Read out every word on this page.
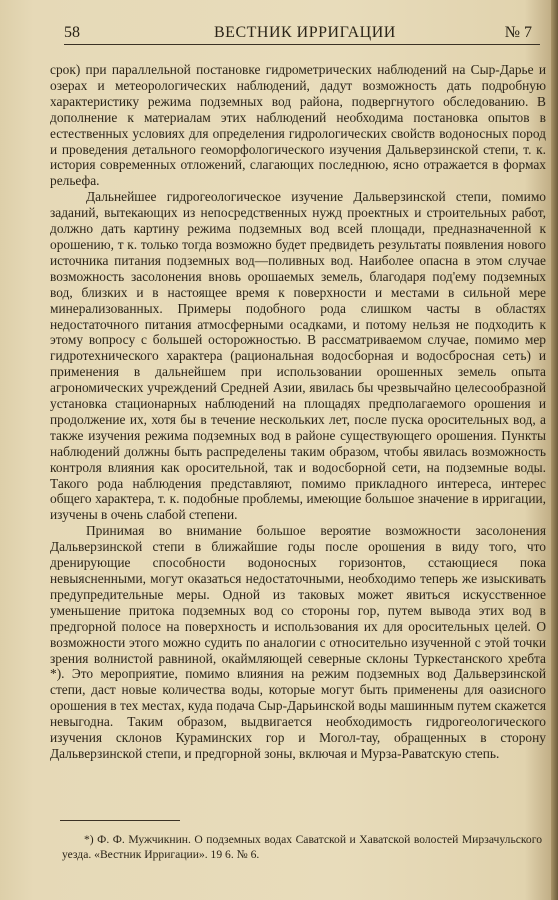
58	ВЕСТНИК ИРРИГАЦИИ	№ 7

срок) при параллельной постановке гидрометрических наблюдений на Сыр-Дарье и озерах и метеорологических наблюдений, дадут возможность дать подробную характеристику режима подземных вод района, подвергнутого обследованию. В дополнение к материалам этих наблюдений необходима постановка опытов в естественных условиях для определения гидрологических свойств водоносных пород и проведения детального геоморфологического изучения Дальверзинской степи, т. к. история современных отложений, слагающих последнюю, ясно отражается в формах рельефа.

Дальнейшее гидрогеологическое изучение Дальверзинской степи, помимо заданий, вытекающих из непосредственных нужд проектных и строительных работ, должно дать картину режима подземных вод всей площади, предназначенной к орошению, т к. только тогда возможно будет предвидеть результаты появления нового источника питания подземных вод—поливных вод. Наиболее опасна в этом случае возможность засолонения вновь орошаемых земель, благодаря под'ему подземных вод, близких и в настоящее время к поверхности и местами в сильной мере минерализованных. Примеры подобного рода слишком часты в областях недостаточного питания атмосферными осадками, и потому нельзя не подходить к этому вопросу с большей осторожностью. В рассматриваемом случае, помимо мер гидротехнического характера (рациональная водосборная и водосбросная сеть) и применения в дальнейшем при использовании орошенных земель опыта агрономических учреждений Средней Азии, явилась бы чрезвычайно целесообразной установка стационарных наблюдений на площадях предполагаемого орошения и продолжение их, хотя бы в течение нескольких лет, после пуска оросительных вод, а также изучения режима подземных вод в районе существующего орошения. Пункты наблюдений должны быть распределены таким образом, чтобы явилась возможность контроля влияния как оросительной, так и водосборной сети, на подземные воды. Такого рода наблюдения представляют, помимо прикладного интереса, интерес общего характера, т. к. подобные проблемы, имеющие большое значение в ирригации, изучены в очень слабой степени.

Принимая во внимание большое вероятие возможности засолонения Дальверзинской степи в ближайшие годы после орошения в виду того, что дренирующие способности водоносных горизонтов, сстающиеся пока невыясненными, могут оказаться недостаточными, необходимо теперь же изыскивать предупредительные меры. Одной из таковых может явиться искусственное уменьшение притока подземных вод со стороны гор, путем вывода этих вод в предгорной полосе на поверхность и использования их для оросительных целей. О возможности этого можно судить по аналогии с относительно изученной с этой точки зрения волнистой равниной, окаймляющей северные склоны Туркестанского хребта *). Это мероприятие, помимо влияния на режим подземных вод Дальверзинской степи, даст новые количества воды, которые могут быть применены для оазисного орошения в тех местах, куда подача Сыр-Дарьинской воды машинным путем скажется невыгодна. Таким образом, выдвигается необходимость гидрогеологического изучения склонов Кураминских гор и Могол-тау, обращенных в сторону Дальверзинской степи, и предгорной зоны, включая и Мурза-Раватскую степь.

*) Ф. Ф. Мужчикнин. О подземных водах Саватской и Хаватской волостей Мирзачульского уезда. «Вестник Ирригации». 19 6. № 6.
